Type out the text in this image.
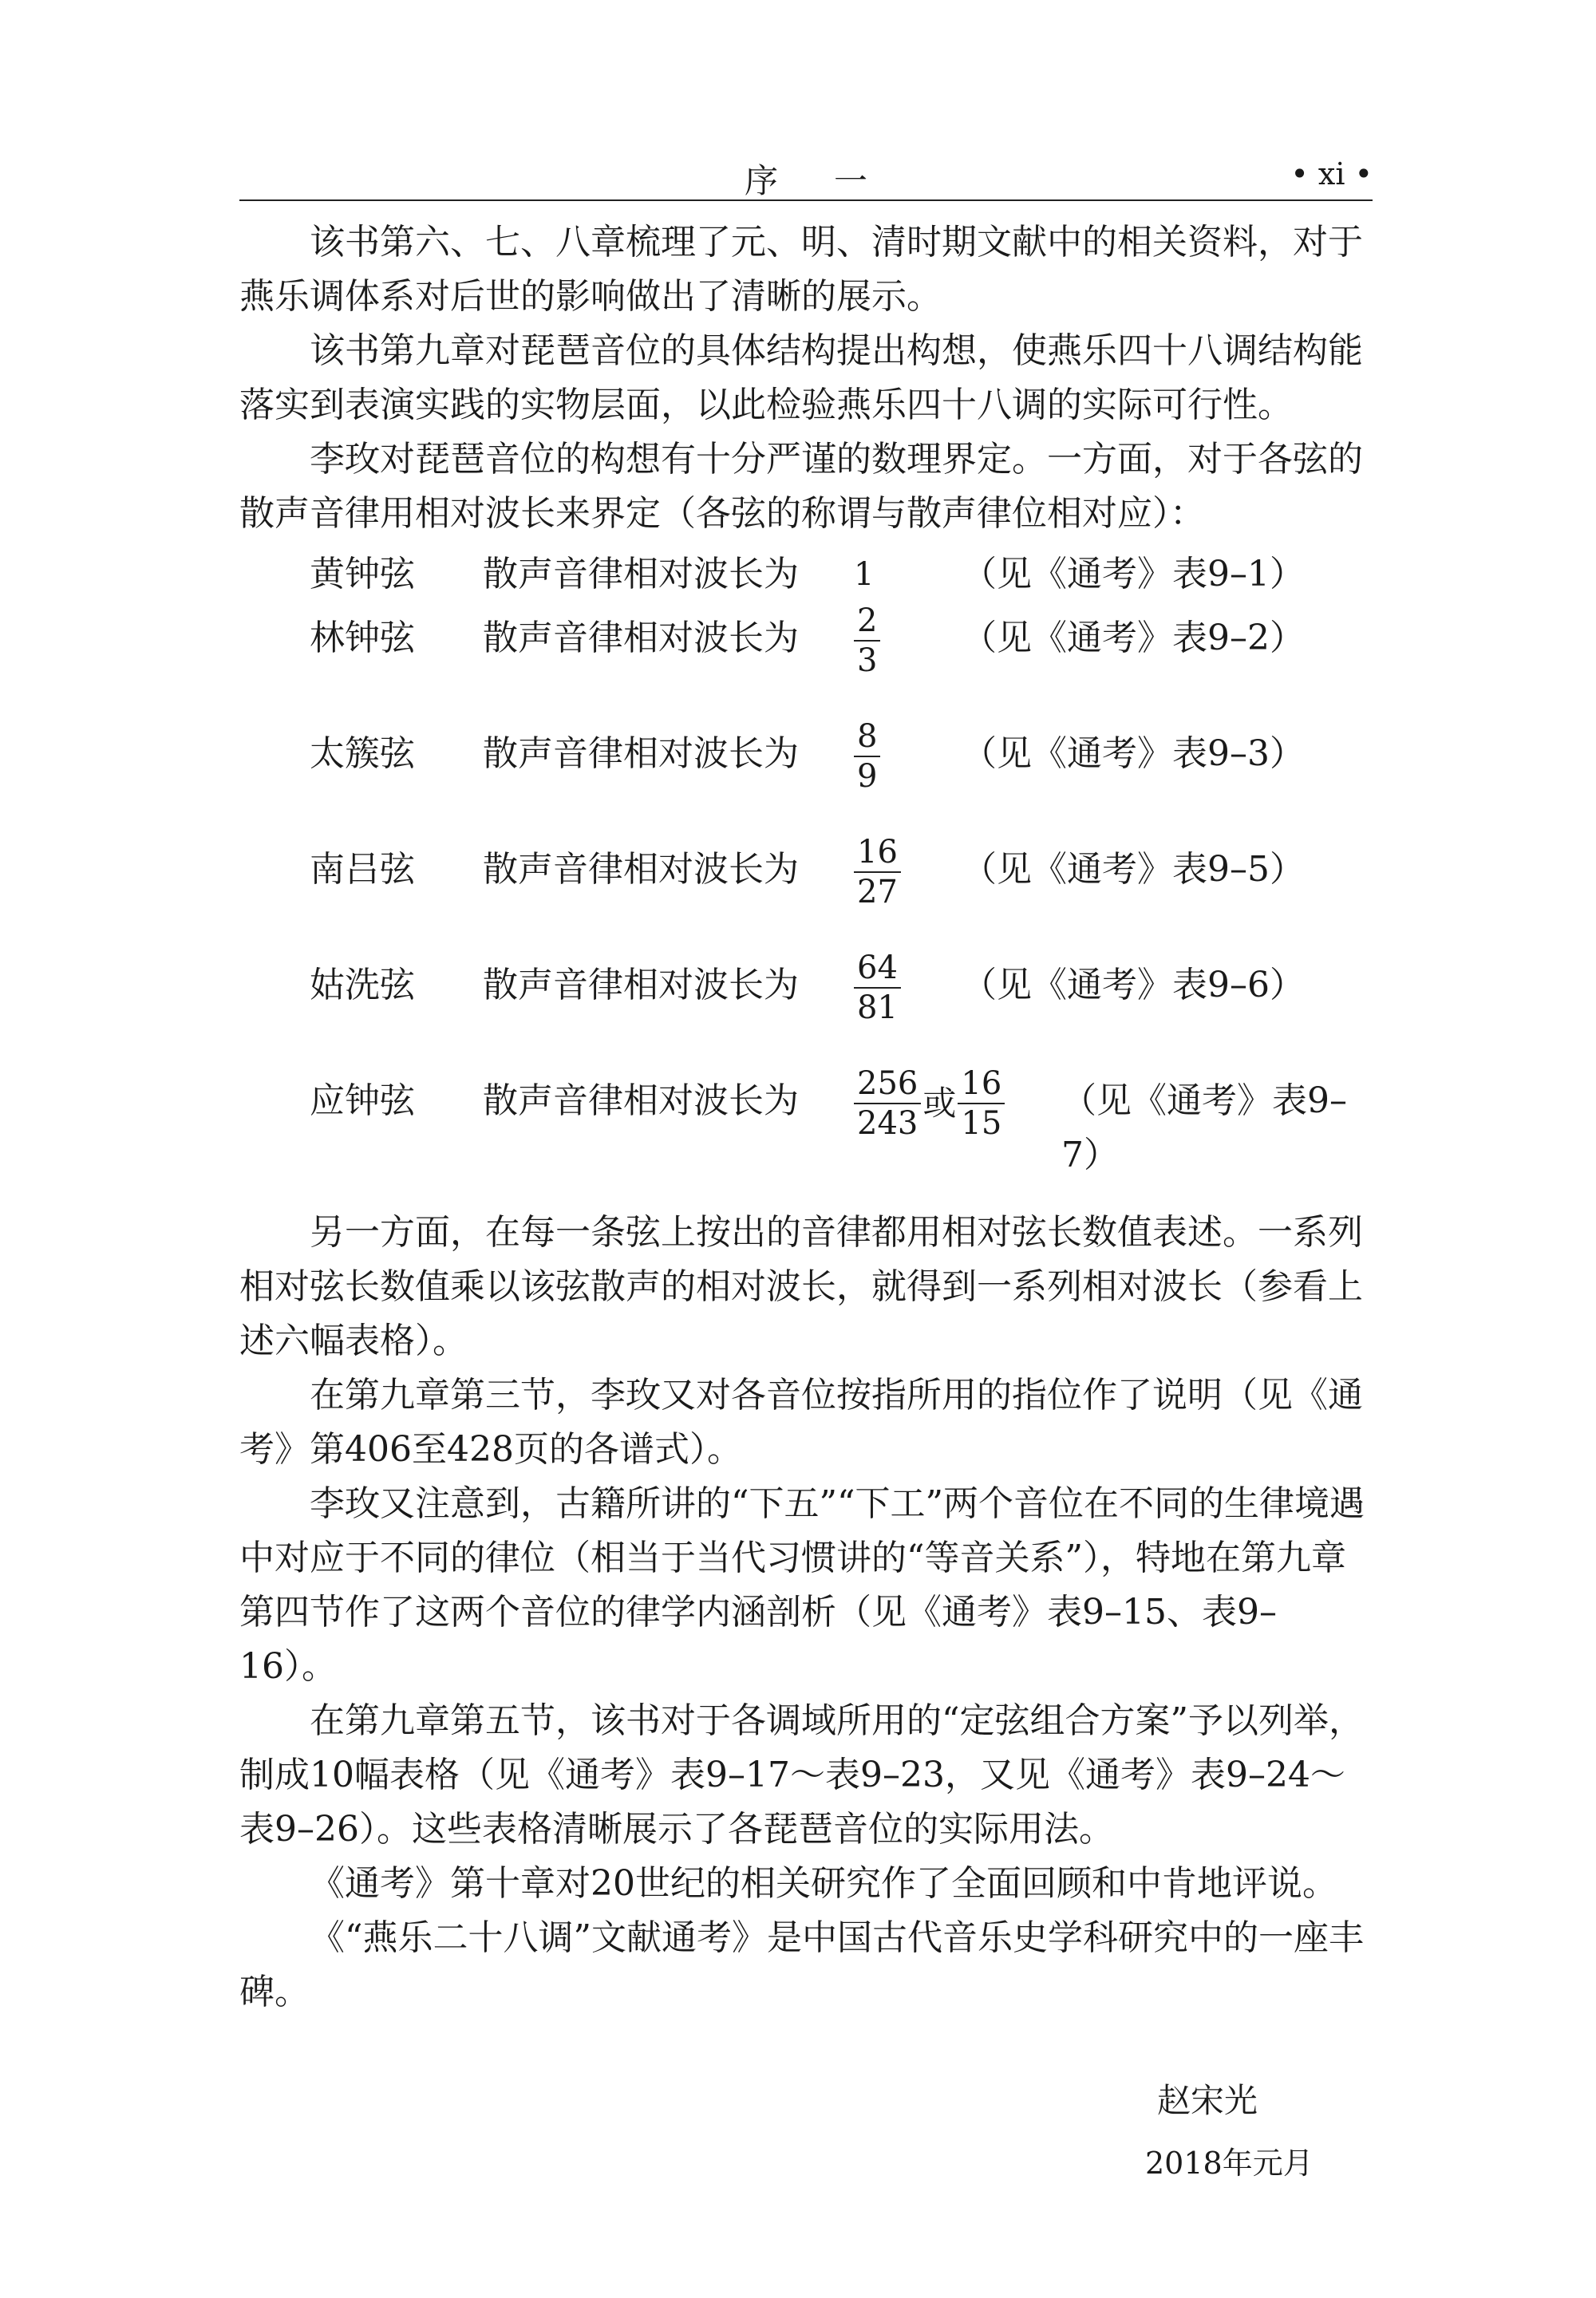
序一	• xi •

该书第六、七、八章梳理了元、明、清时期文献中的相关资料，对于燕乐调体系对后世的影响做出了清晰的展示。

该书第九章对琵琶音位的具体结构提出构想，使燕乐四十八调结构能落实到表演实践的实物层面，以此检验燕乐四十八调的实际可行性。

李玫对琵琶音位的构想有十分严谨的数理界定。一方面，对于各弦的散声音律用相对波长来界定（各弦的称谓与散声律位相对应）：

黄钟弦 散声音律相对波长为 1 （见《通考》表9–1）
林钟弦 散声音律相对波长为 $\frac{2}{3}$ （见《通考》表9–2）
太簇弦 散声音律相对波长为 $\frac{8}{9}$ （见《通考》表9–3）
南吕弦 散声音律相对波长为 $\frac{16}{27}$ （见《通考》表9–5）
姑洗弦 散声音律相对波长为 $\frac{64}{81}$ （见《通考》表9–6）
应钟弦 散声音律相对波长为 $\frac{256}{243}$ 或 $\frac{16}{15}$ （见《通考》表9–7）

另一方面，在每一条弦上按出的音律都用相对弦长数值表述。一系列相对弦长数值乘以该弦散声的相对波长，就得到一系列相对波长（参看上述六幅表格）。

在第九章第三节，李玫又对各音位按指所用的指位作了说明（见《通考》第406至428页的各谱式）。

李玫又注意到，古籍所讲的“下五”“下工”两个音位在不同的生律境遇中对应于不同的律位（相当于当代习惯讲的“等音关系”），特地在第九章第四节作了这两个音位的律学内涵剖析（见《通考》表9–15、表9–16）。

在第九章第五节，该书对于各调域所用的“定弦组合方案”予以列举，制成10幅表格（见《通考》表9–17～表9–23，又见《通考》表9–24～表9–26）。这些表格清晰展示了各琵琶音位的实际用法。

《通考》第十章对20世纪的相关研究作了全面回顾和中肯地评说。

《“燕乐二十八调”文献通考》是中国古代音乐史学科研究中的一座丰碑。

赵宋光
2018年元月
